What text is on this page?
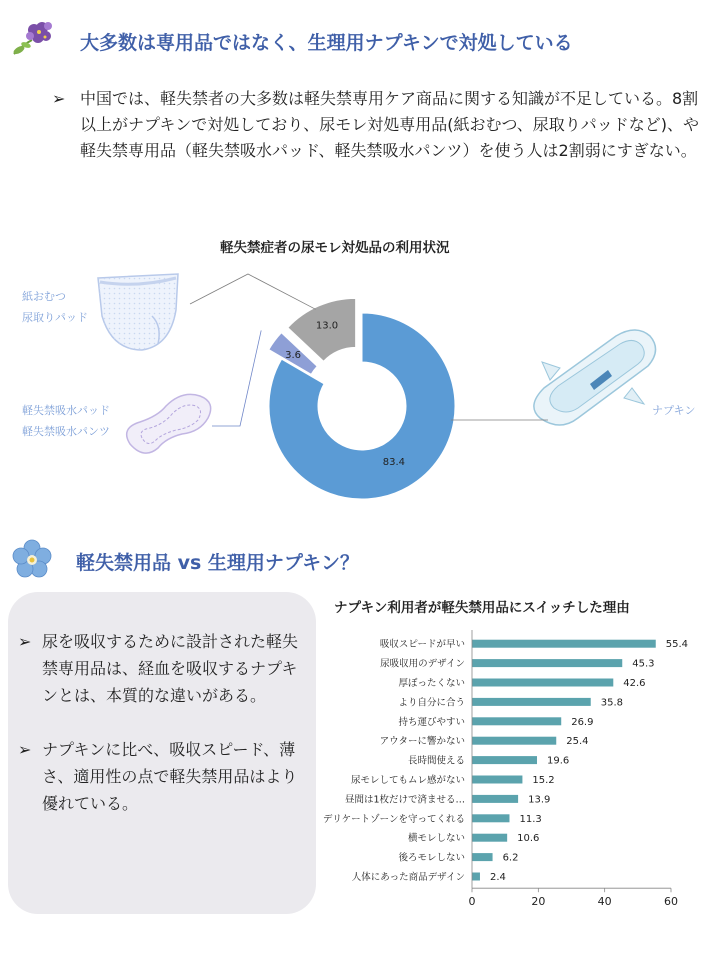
大多数は専用品ではなく、生理用ナプキンで対処している
➢ 中国では、軽失禁者の大多数は軽失禁専用ケア商品に関する知識が不足している。8割以上がナプキンで対処しており、尿モレ対処専用品(紙おむつ、尿取りパッドなど)、や軽失禁専用品（軽失禁吸水パッド、軽失禁吸水パンツ）を使う人は2割弱にすぎない。
軽失禁症者の尿モレ対処品の利用状況
紙おむつ
尿取りパッド
軽失禁吸水パッド
軽失禁吸水パンツ
ナプキン
83.4
3.6
13.0
軽失禁用品 vs 生理用ナプキン？
➢ 尿を吸収するために設計された軽失禁専用品は、経血を吸収するナプキンとは、本質的な違いがある。
➢ ナプキンに比べ、吸収スピード、薄さ、適用性の点で軽失禁用品はより優れている。
ナプキン利用者が軽失禁用品にスイッチした理由
吸収スピードが早い	55.4
尿吸収用のデザイン	45.3
厚ぼったくない	42.6
より自分に合う	35.8
持ち運びやすい	26.9
アウターに響かない	25.4
長時間使える	19.6
尿モレしてもムレ感がない	15.2
昼間は1枚だけで済ませる…	13.9
デリケートゾーンを守ってくれる	11.3
横モレしない	10.6
後ろモレしない	6.2
人体にあった商品デザイン 2.4
0	20	40	60
